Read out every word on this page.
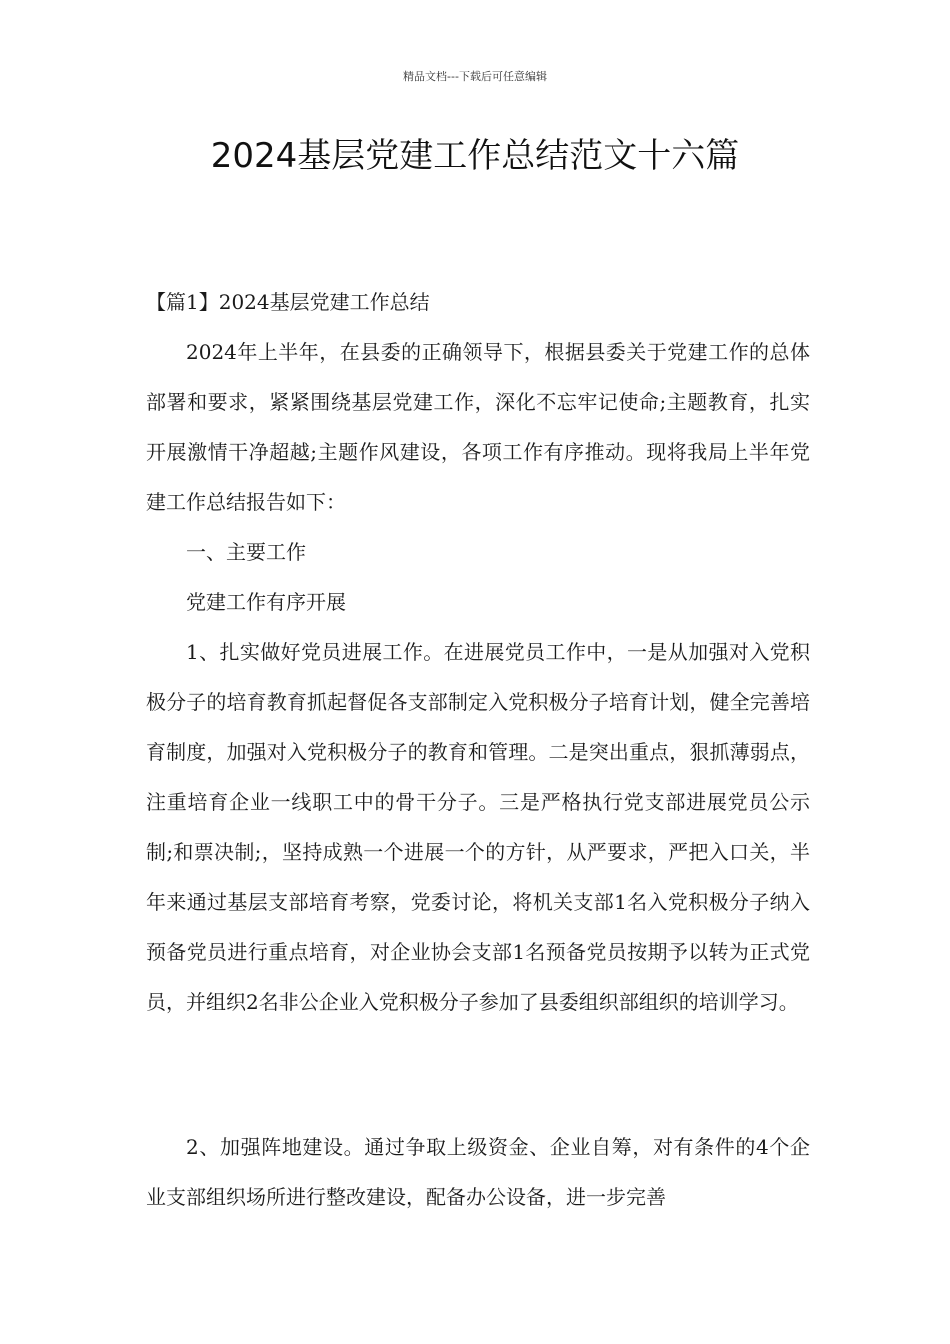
精品文档---下载后可任意编辑
2024基层党建工作总结范文十六篇
【篇1】2024基层党建工作总结

2024年上半年，在县委的正确领导下，根据县委关于党建工作的总体部署和要求，紧紧围绕基层党建工作，深化不忘牢记使命;主题教育，扎实开展激情干净超越;主题作风建设，各项工作有序推动。现将我局上半年党建工作总结报告如下：

一、主要工作

党建工作有序开展

1、扎实做好党员进展工作。在进展党员工作中，一是从加强对入党积极分子的培育教育抓起督促各支部制定入党积极分子培育计划，健全完善培育制度，加强对入党积极分子的教育和管理。二是突出重点，狠抓薄弱点，注重培育企业一线职工中的骨干分子。三是严格执行党支部进展党员公示制;和票决制;，坚持成熟一个进展一个的方针，从严要求，严把入口关，半年来通过基层支部培育考察，党委讨论，将机关支部1名入党积极分子纳入预备党员进行重点培育，对企业协会支部1名预备党员按期予以转为正式党员，并组织2名非公企业入党积极分子参加了县委组织部组织的培训学习。

2、加强阵地建设。通过争取上级资金、企业自筹，对有条件的4个企业支部组织场所进行整改建设，配备办公设备，进一步完善
